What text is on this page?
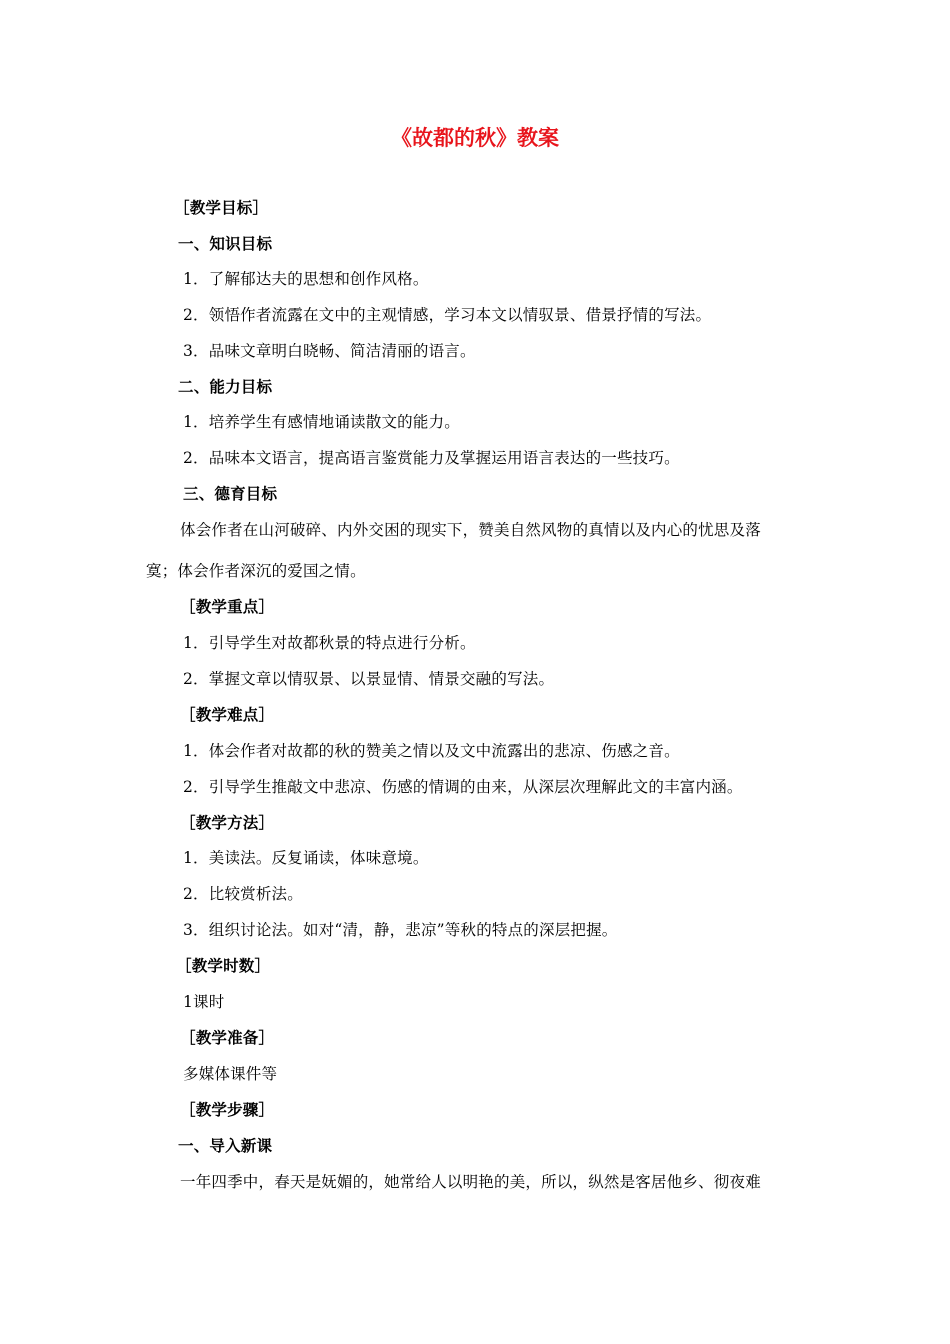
《故都的秋》教案
［教学目标］
一、知识目标
1．了解郁达夫的思想和创作风格。
2．领悟作者流露在文中的主观情感，学习本文以情驭景、借景抒情的写法。
3．品味文章明白晓畅、简洁清丽的语言。
二、能力目标
1．培养学生有感情地诵读散文的能力。
2．品味本文语言，提高语言鉴赏能力及掌握运用语言表达的一些技巧。
三、德育目标
体会作者在山河破碎、内外交困的现实下，赞美自然风物的真情以及内心的忧思及落
寞；体会作者深沉的爱国之情。
［教学重点］
1．引导学生对故都秋景的特点进行分析。
2．掌握文章以情驭景、以景显情、情景交融的写法。
［教学难点］
1．体会作者对故都的秋的赞美之情以及文中流露出的悲凉、伤感之音。
2．引导学生推敲文中悲凉、伤感的情调的由来，从深层次理解此文的丰富内涵。
［教学方法］
1．美读法。反复诵读，体味意境。
2．比较赏析法。
3．组织讨论法。如对“清，静，悲凉”等秋的特点的深层把握。
［教学时数］
1课时
［教学准备］
多媒体课件等
［教学步骤］
一、导入新课
一年四季中，春天是妩媚的，她常给人以明艳的美，所以，纵然是客居他乡、彻夜难
